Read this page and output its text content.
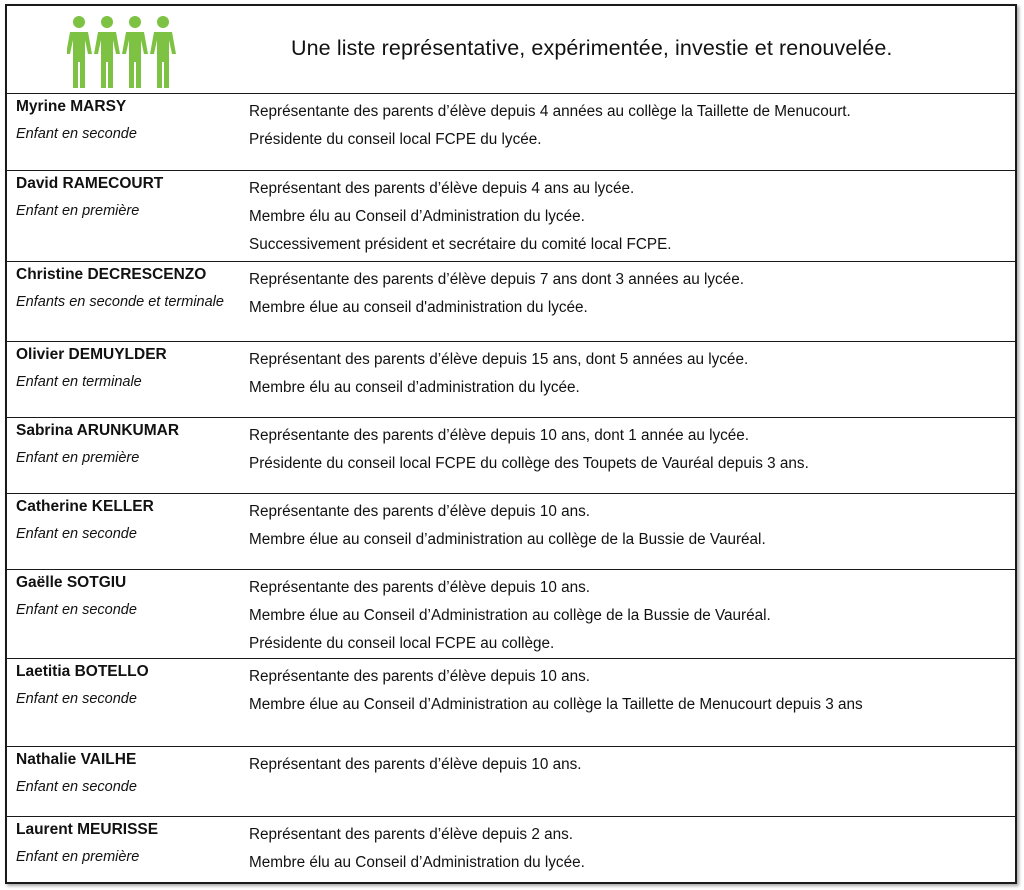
Une liste représentative, expérimentée, investie et renouvelée.
Myrine MARSY
Enfant en seconde
Représentante des parents d’élève depuis 4 années au collège la Taillette de Menucourt.
Présidente du conseil local FCPE du lycée.
David RAMECOURT
Enfant en première
Représentant des parents d’élève depuis 4 ans au lycée.
Membre élu au Conseil d’Administration du lycée.
Successivement président et secrétaire du comité local FCPE.
Christine DECRESCENZO
Enfants en seconde et terminale
Représentante des parents d’élève depuis 7 ans dont 3 années au lycée.
Membre élue au conseil d'administration du lycée.
Olivier DEMUYLDER
Enfant en terminale
Représentant des parents d’élève depuis 15 ans, dont 5 années au lycée.
Membre élu au conseil d’administration du lycée.
Sabrina ARUNKUMAR
Enfant en première
Représentante des parents d’élève depuis 10 ans, dont 1 année au lycée.
Présidente du conseil local FCPE du collège des Toupets de Vauréal depuis 3 ans.
Catherine KELLER
Enfant en seconde
Représentante des parents d’élève depuis 10 ans.
Membre élue au conseil d’administration au collège de la Bussie de Vauréal.
Gaëlle SOTGIU
Enfant en seconde
Représentante des parents d’élève depuis 10 ans.
Membre élue au Conseil d’Administration au collège de la Bussie de Vauréal.
Présidente du conseil local FCPE au collège.
Laetitia BOTELLO
Enfant en seconde
Représentante des parents d’élève depuis 10 ans.
Membre élue au Conseil d’Administration au collège la Taillette de Menucourt depuis 3 ans
Nathalie VAILHE
Enfant en seconde
Représentant des parents d’élève depuis 10 ans.
Laurent MEURISSE
Enfant en première
Représentant des parents d’élève depuis 2 ans.
Membre élu au Conseil d’Administration du lycée.
